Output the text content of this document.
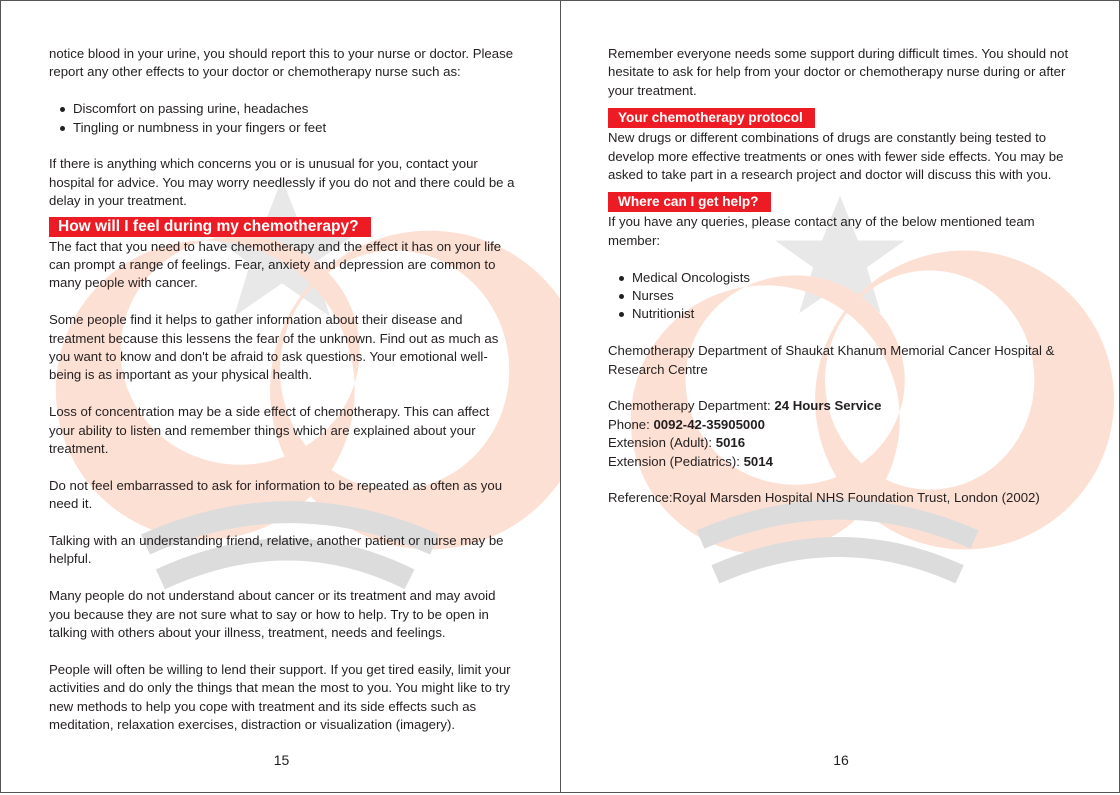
notice blood in your urine, you should report this to your nurse or doctor. Please report any other effects to your doctor or chemotherapy nurse such as:

Discomfort on passing urine, headaches
Tingling or numbness in your fingers or feet

If there is anything which concerns you or is unusual for you, contact your hospital for advice. You may worry needlessly if you do not and there could be a delay in your treatment.

How will I feel during my chemotherapy?

The fact that you need to have chemotherapy and the effect it has on your life can prompt a range of feelings. Fear, anxiety and depression are common to many people with cancer.

Some people find it helps to gather information about their disease and treatment because this lessens the fear of the unknown. Find out as much as you want to know and don't be afraid to ask questions. Your emotional well-being is as important as your physical health.

Loss of concentration may be a side effect of chemotherapy. This can affect your ability to listen and remember things which are explained about your treatment.

Do not feel embarrassed to ask for information to be repeated as often as you need it.

Talking with an understanding friend, relative, another patient or nurse may be helpful.

Many people do not understand about cancer or its treatment and may avoid you because they are not sure what to say or how to help. Try to be open in talking with others about your illness, treatment, needs and feelings.

People will often be willing to lend their support. If you get tired easily, limit your activities and do only the things that mean the most to you. You might like to try new methods to help you cope with treatment and its side effects such as meditation, relaxation exercises, distraction or visualization (imagery).

15

Remember everyone needs some support during difficult times. You should not hesitate to ask for help from your doctor or chemotherapy nurse during or after your treatment.

Your chemotherapy protocol

New drugs or different combinations of drugs are constantly being tested to develop more effective treatments or ones with fewer side effects. You may be asked to take part in a research project and doctor will discuss this with you.

Where can I get help?

If you have any queries, please contact any of the below mentioned team member:

Medical Oncologists
Nurses
Nutritionist

Chemotherapy Department of Shaukat Khanum Memorial Cancer Hospital & Research Centre

Chemotherapy Department: 24 Hours Service
Phone: 0092-42-35905000
Extension (Adult): 5016
Extension (Pediatrics): 5014

Reference:Royal Marsden Hospital NHS Foundation Trust, London (2002)

16
